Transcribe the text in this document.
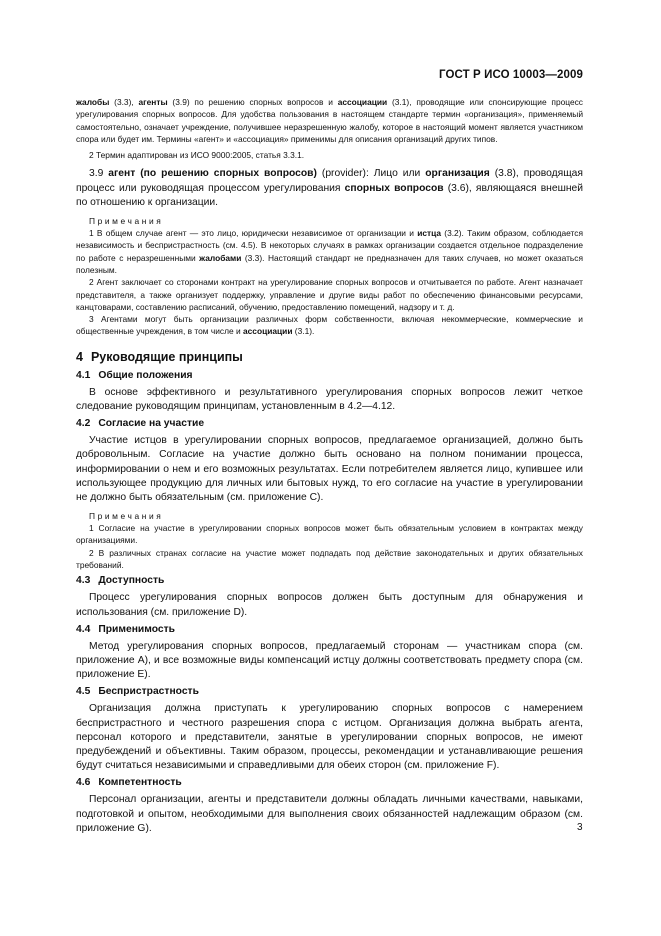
ГОСТ Р ИСО 10003—2009

жалобы (3.3), агенты (3.9) по решению спорных вопросов и ассоциации (3.1), проводящие или спонсирующие процесс урегулирования спорных вопросов. Для удобства пользования в настоящем стандарте термин «организация», применяемый самостоятельно, означает учреждение, получившее неразрешенную жалобу, которое в настоящий момент является участником спора или будет им. Термины «агент» и «ассоциация» применимы для описания организаций других типов.

2 Термин адаптирован из ИСО 9000:2005, статья 3.3.1.

3.9 агент (по решению спорных вопросов) (provider): Лицо или организация (3.8), проводящая процесс или руководящая процессом урегулирования спорных вопросов (3.6), являющаяся внешней по отношению к организации.

Примечания

1 В общем случае агент — это лицо, юридически независимое от организации и истца (3.2). Таким образом, соблюдается независимость и беспристрастность (см. 4.5). В некоторых случаях в рамках организации создается отдельное подразделение по работе с неразрешенными жалобами (3.3). Настоящий стандарт не предназначен для таких случаев, но может оказаться полезным.

2 Агент заключает со сторонами контракт на урегулирование спорных вопросов и отчитывается по работе. Агент назначает представителя, а также организует поддержку, управление и другие виды работ по обеспечению финансовыми ресурсами, канцтоварами, составлению расписаний, обучению, предоставлению помещений, надзору и т. д.

3 Агентами могут быть организации различных форм собственности, включая некоммерческие, коммерческие и общественные учреждения, в том числе и ассоциации (3.1).

4 Руководящие принципы
4.1 Общие положения

В основе эффективного и результативного урегулирования спорных вопросов лежит четкое следование руководящим принципам, установленным в 4.2—4.12.

4.2 Согласие на участие

Участие истцов в урегулировании спорных вопросов, предлагаемое организацией, должно быть добровольным. Согласие на участие должно быть основано на полном понимании процесса, информировании о нем и его возможных результатах. Если потребителем является лицо, купившее или использующее продукцию для личных или бытовых нужд, то его согласие на участие в урегулировании не должно быть обязательным (см. приложение С).

Примечания

1 Согласие на участие в урегулировании спорных вопросов может быть обязательным условием в контрактах между организациями.

2 В различных странах согласие на участие может подпадать под действие законодательных и других обязательных требований.

4.3 Доступность

Процесс урегулирования спорных вопросов должен быть доступным для обнаружения и использования (см. приложение D).

4.4 Применимость

Метод урегулирования спорных вопросов, предлагаемый сторонам — участникам спора (см. приложение А), и все возможные виды компенсаций истцу должны соответствовать предмету спора (см. приложение Е).

4.5 Беспристрастность

Организация должна приступать к урегулированию спорных вопросов с намерением беспристрастного и честного разрешения спора с истцом. Организация должна выбрать агента, персонал которого и представители, занятые в урегулировании спорных вопросов, не имеют предубеждений и объективны. Таким образом, процессы, рекомендации и устанавливающие решения будут считаться независимыми и справедливыми для обеих сторон (см. приложение F).

4.6 Компетентность

Персонал организации, агенты и представители должны обладать личными качествами, навыками, подготовкой и опытом, необходимыми для выполнения своих обязанностей надлежащим образом (см. приложение G).	3
